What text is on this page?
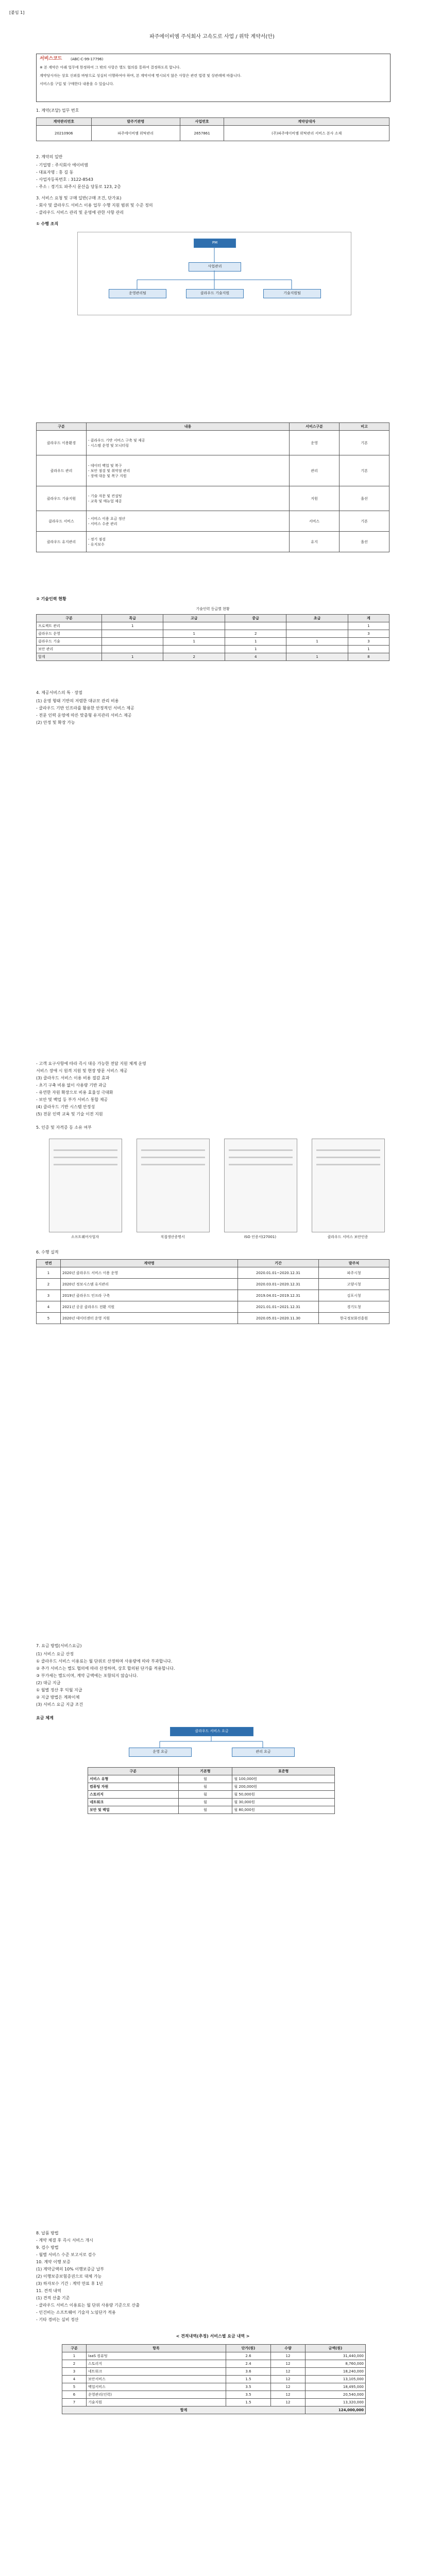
[붙임 1]
파주에이비엠 주식회사 고속도로 사업 / 위탁 계약서(안)
서비스코드 (ABC-C-99-17796)
※ 본 계약은 아래 업무에 한정하여 그 밖의 사항은 별도 협의를 통하여 결정하도록 합니다.
계약당사자는 상호 신뢰를 바탕으로 성실히 이행하여야 하며, 본 계약서에 명시되지 않은 사항은 관련 법령 및 상관례에 따릅니다.
서비스를 구입 및 구매한다 내용을 수 있습니다.
1. 계약(조달) 업무 번호
계약관리번호	발주기관명	사업번호	계약상대자
20210906	파주에이비엠 위탁관리	2657861	(주)파주에이비엠 위탁관리 서비스 본사 소재
2. 계약의 일반
- 기업명 : 주식회사 에이비엠
- 대표자명 : 홍 길 동
- 사업자등록번호 : 3122-8543
- 주소 : 경기도 파주시 문산읍 당동로 123, 2층
3. 서비스 요청 및 구매 일반(구매 조건, 단가표)
- 회사 및 클라우드 서비스 이용 업무 수행 지원 범위 및 수준 정의
- 클라우드 서비스 관리 및 운영에 관한 사항 관리
① 수행 조직
PM
사업관리
운영관리팀	클라우드 기술지원	기술지원팀
구분	내용	서비스구분	비고
클라우드 이용환경	- 클라우드 기반 서비스 구축 및 제공
- 시스템 운영 및 모니터링	운영	기본
클라우드 관리	- 데이터 백업 및 복구
- 보안 점검 및 취약점 관리
- 장애 대응 및 복구 지원	관리	기본
클라우드 기술지원	- 기술 자문 및 컨설팅
- 교육 및 매뉴얼 제공	지원	옵션
클라우드 서비스	- 서비스 이용 요금 정산
- 서비스 수준 관리	서비스	기본
클라우드 유지관리	- 정기 점검
- 유지보수	유지	옵션
② 기술인력 현황
기술인력 등급별 현황
구분	특급	고급	중급	초급	계
프로젝트 관리	1				1
클라우드 운영		1	2		3
클라우드 기술		1	1	1	3
보안 관리			1		1
합계	1	2	4	1	8
4. 제공서비스의 특 · 장점
(1) 운영 형태 기반의 저렴한 대규모 관리 비용
- 클라우드 기반 인프라를 활용한 안정적인 서비스 제공
- 전문 인력 운영에 따른 맞춤형 유지관리 서비스 제공
(2) 안정 및 확장 가능
- 고객 요구사항에 따라 즉시 대응 가능한 전담 지원 체계 운영
서비스 장애 시 원격 지원 및 현장 방문 서비스 제공
(3) 클라우드 서비스 이용 비용 절감 효과
- 초기 구축 비용 없이 사용량 기반 과금
- 유연한 자원 확장으로 비용 효율성 극대화
- 보안 및 백업 등 부가 서비스 통합 제공
(4) 클라우드 기반 시스템 안정성
(5) 전문 인력 교육 및 기술 이전 지원
5. 인증 및 자격증 등 소유 여부
소프트웨어사업자	직접생산증명서	ISO 인증서(27001)	클라우드 서비스 보안인증
6. 수행 실적
연번	계약명	기간	발주처
1	2020년 클라우드 서비스 이용 운영	2020.01.01~2020.12.31	파주시청
2	2020년 정보시스템 유지관리	2020.03.01~2020.12.31	고양시청
3	2019년 클라우드 인프라 구축	2019.04.01~2019.12.31	김포시청
4	2021년 공공 클라우드 전환 지원	2021.01.01~2021.12.31	경기도청
5	2020년 데이터센터 운영 지원	2020.05.01~2020.11.30	한국정보화진흥원
7. 요금 방법(서비스요금)
(1) 서비스 요금 산정
① 클라우드 서비스 이용료는 월 단위로 산정하며 사용량에 따라 부과합니다.
② 추가 서비스는 별도 협의에 따라 산정하며, 상호 합의된 단가를 적용합니다.
③ 부가세는 별도이며, 계약 금액에는 포함되지 않습니다.
(2) 대금 지급
① 월별 정산 후 익월 지급
② 지급 방법은 계좌이체
(3) 서비스 요금 지급 조건
요금 체계
클라우드 서비스 요금
운영 요금	관리 요금
구분	기본형	표준형
서비스 유형	월	월 100,000원
컴퓨팅 자원	월	월 200,000원
스토리지	월	월 50,000원
네트워크	월	월 30,000원
보안 및 백업	월	월 80,000원
8. 납품 방법
- 계약 체결 후 즉시 서비스 개시
9. 검수 방법
- 월별 서비스 수준 보고서로 검수
10. 계약 이행 보증
(1) 계약금액의 10% 이행보증금 납부
(2) 이행보증보험증권으로 대체 가능
(3) 하자보수 기간 : 계약 만료 후 1년
11. 견적 내역
(1) 견적 산출 기준
- 클라우드 서비스 이용료는 월 단위 사용량 기준으로 산출
- 인건비는 소프트웨어 기술자 노임단가 적용
- 기타 경비는 실비 정산
< 견적내역(추정) 서비스별 요금 내역 >
구분	항목	단가(원)	수량	금액(원)
1	IaaS 컴퓨팅	2.6	12	31,440,000
2	스토리지	2.4	12	8,760,000
3	네트워크	3.6	12	18,240,000
4	보안서비스	1.5	12	13,105,000
5	백업서비스	3.5	12	18,495,000
6	운영관리(인력)	3.5	12	20,540,000
7	기술지원	1.5	12	13,320,000
합계				124,000,000
